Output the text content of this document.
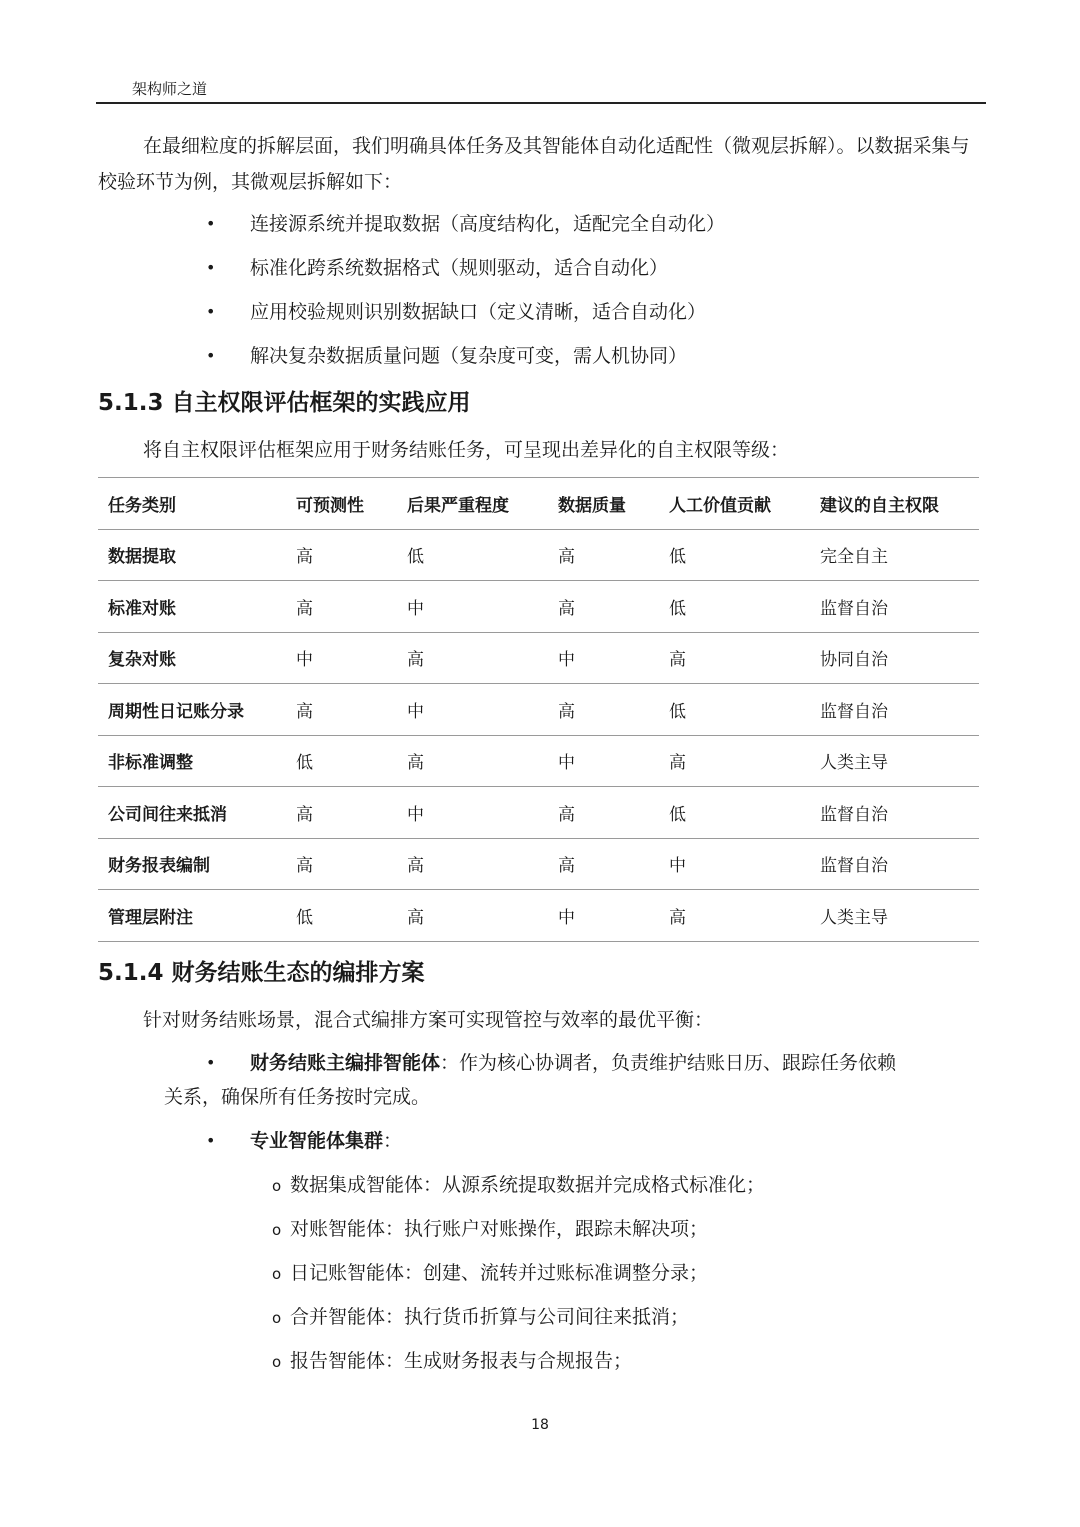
架构师之道

在最细粒度的拆解层面，我们明确具体任务及其智能体自动化适配性（微观层拆解）。以数据采集与校验环节为例，其微观层拆解如下：

• 连接源系统并提取数据（高度结构化，适配完全自动化）
• 标准化跨系统数据格式（规则驱动，适合自动化）
• 应用校验规则识别数据缺口（定义清晰，适合自动化）
• 解决复杂数据质量问题（复杂度可变，需人机协同）
5.1.3 自主权限评估框架的实践应用

将自主权限评估框架应用于财务结账任务，可呈现出差异化的自主权限等级：

任务类别	可预测性	后果严重程度	数据质量	人工价值贡献	建议的自主权限
数据提取	高	低	高	低	完全自主
标准对账	高	中	高	低	监督自治
复杂对账	中	高	中	高	协同自治
周期性日记账分录	高	中	高	低	监督自治
非标准调整	低	高	中	高	人类主导
公司间往来抵消	高	中	高	低	监督自治
财务报表编制	高	高	高	中	监督自治
管理层附注	低	高	中	高	人类主导
5.1.4 财务结账生态的编排方案

针对财务结账场景，混合式编排方案可实现管控与效率的最优平衡：

• 财务结账主编排智能体：作为核心协调者，负责维护结账日历、跟踪任务依赖
关系，确保所有任务按时完成。
• 专业智能体集群：
o 数据集成智能体：从源系统提取数据并完成格式标准化；
o 对账智能体：执行账户对账操作，跟踪未解决项；
o 日记账智能体：创建、流转并过账标准调整分录；
o 合并智能体：执行货币折算与公司间往来抵消；
o 报告智能体：生成财务报表与合规报告；
18
